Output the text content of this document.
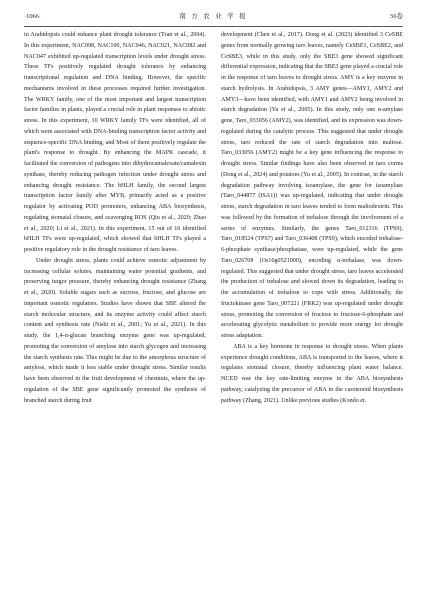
·1066·	南 方 农 业 学 报	56卷

in Arabidopsis could enhance plant drought tolerance (Tran et al., 2004). In this experiment, NAC098, NAC100, NAC046, NAC021, NAC082 and NAC047 exhibited up-regulated transcription levels under drought stress. These TFs positively regulated drought tolerance by enhancing transcriptional regulation and DNA binding. However, the specific mechanisms involved in these processes required further investigation. The WRKY family, one of the most important and largest transcription factor families in plants, played a crucial role in plant responses to abiotic stress. In this experiment, 10 WRKY family TFs were identified, all of which were associated with DNA-binding transcription factor activity and sequence-specific DNA binding, and Most of them positively regulate the plant's response to drought. By enhancing the MAPK cascade, it facilitated the conversion of pathogens into dihydrocamalexate/camalexin synthase, thereby reducing pathogen infection under drought stress and enhancing drought resistance. The bHLH family, the second largest transcription factor family after MYB, primarily acted as a positive regulator by activating POD promoters, enhancing ABA biosynthesis, regulating stomatal closure, and scavenging ROS (Qiu et al., 2020; Zhao et al., 2020; Li et al., 2021). In this experiment, 15 out of 16 identified bHLH TFs were up-regulated, which showed that bHLH TFs played a positive regulatory role in the drought resistance of taro leaves.

Under drought stress, plants could achieve osmotic adjustment by increasing cellular solutes, maintaining water potential gradients, and preserving turgor pressure, thereby enhancing drought resistance (Zhang et al., 2020). Soluble sugars such as sucrose, fructose, and glucose are important osmotic regulators. Studies have shown that SBE altered the starch molecular structure, and its enzyme activity could affect starch content and synthesis rate (Nishi et al., 2001; Yu et al., 2021). In this study, the 1,4-α-glucan branching enzyme gene was up-regulated, promoting the conversion of amylose into starch glycogen and increasing the starch synthesis rate. This might be due to the amorphous structure of amylose, which made it less stable under drought stress. Similar results have been observed in the fruit development of chestnuts, where the up-regulation of the SBE gene significantly promoted the synthesis of branched starch during fruit

development (Chen et al., 2017). Dong et al. (2023) identified 3 CeSBE genes from normally growing taro leaves, namely CeSBE1, CeSBE2, and CeSBE3, while in this study, only the SBE3 gene showed significant differential expression, indicating that the SBE3 gene played a crucial role in the response of taro leaves to drought stress. AMY is a key enzyme in starch hydrolysis. In Arabidopsis, 3 AMY genes—AMY1, AMY2 and AMY3—have been identified, with AMY1 and AMY2 being involved in starch degradation (Yu et al., 2005). In this study, only one α-amylase gene, Taro_033056 (AMY2), was identified, and its expression was down-regulated during the catalytic process. This suggested that under drought stress, taro reduced the rate of starch degradation into maltose. Taro_033056 (AMY2) might be a key gene influencing the response to drought stress. Similar findings have also been observed in taro corms (Dong et al., 2024) and potatoes (Yu et al., 2005). In contrast, in the starch degradation pathway involving isoamylase, the gene for isoamylase (Taro_044877 (ISA1)) was up-regulated, indicating that under drought stress, starch degradation in taro leaves tended to form maltodextrin. This was followed by the formation of trehalose through the involvement of a series of enzymes. Similarly, the genes Taro_012316 (TPS9), Taro_018524 (TPS7) and Taro_036408 (TPS9), which encoded trehalose-6-phosphate synthase/phosphatase, were up-regulated, while the gene Taro_026708 (Os10g0521000), encoding α-trehalase, was down-regulated. This suggested that under drought stress, taro leaves accelerated the production of trehalose and slowed down its degradation, leading to the accumulation of trehalose to cope with stress. Additionally, the fructokinase gene Taro_007221 (FRK2) was up-regulated under drought stress, promoting the conversion of fructose to fructose-6-phosphate and accelerating glycolytic metabolism to provide more energy for drought stress adaptation.

ABA is a key hormone in response to drought stress. When plants experience drought conditions, ABA is transported to the leaves, where it regulates stomatal closure, thereby influencing plant water balance. NCED was the key rate-limiting enzyme in the ABA biosynthesis pathway, catalyzing the precursor of ABA in the carotenoid biosynthesis pathway (Zhang, 2021). Unlike previous studies (Kondo et.
